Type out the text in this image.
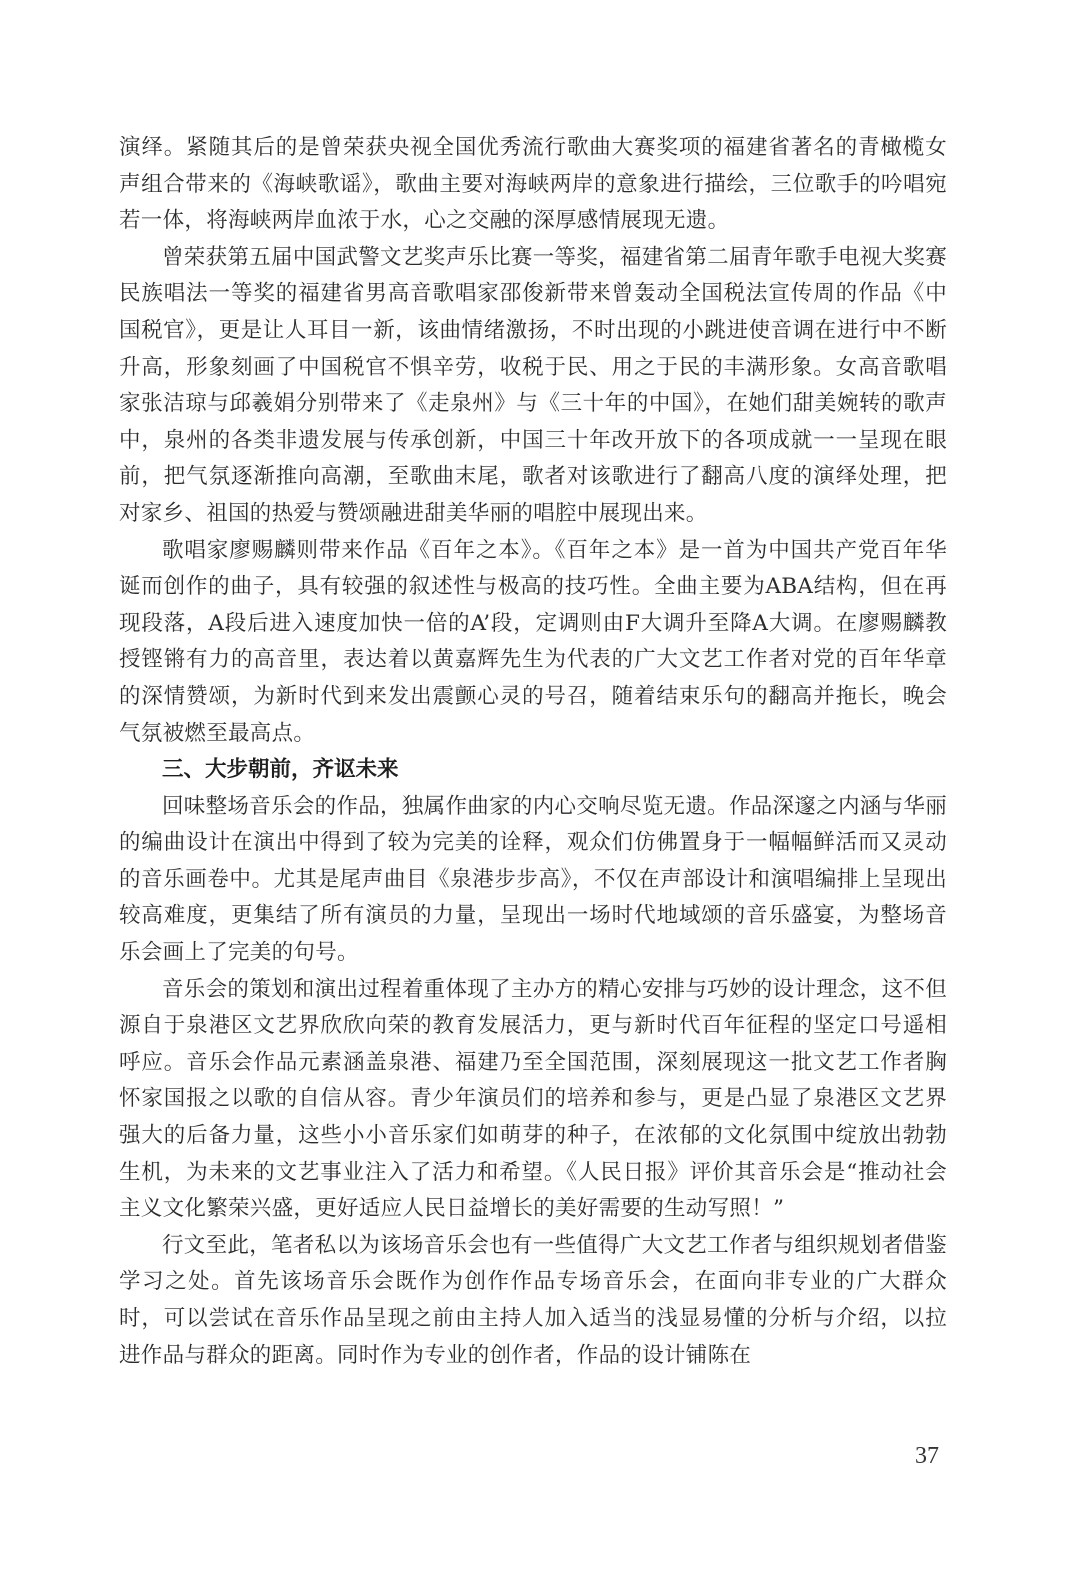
演绎。紧随其后的是曾荣获央视全国优秀流行歌曲大赛奖项的福建省著名的青橄榄女声组合带来的《海峡歌谣》，歌曲主要对海峡两岸的意象进行描绘，三位歌手的吟唱宛若一体，将海峡两岸血浓于水，心之交融的深厚感情展现无遗。

曾荣获第五届中国武警文艺奖声乐比赛一等奖，福建省第二届青年歌手电视大奖赛民族唱法一等奖的福建省男高音歌唱家邵俊新带来曾轰动全国税法宣传周的作品《中国税官》，更是让人耳目一新，该曲情绪激扬，不时出现的小跳进使音调在进行中不断升高，形象刻画了中国税官不惧辛劳，收税于民、用之于民的丰满形象。女高音歌唱家张洁琼与邱羲娟分别带来了《走泉州》与《三十年的中国》，在她们甜美婉转的歌声中，泉州的各类非遗发展与传承创新，中国三十年改开放下的各项成就一一呈现在眼前，把气氛逐渐推向高潮，至歌曲末尾，歌者对该歌进行了翻高八度的演绎处理，把对家乡、祖国的热爱与赞颂融进甜美华丽的唱腔中展现出来。

歌唱家廖赐麟则带来作品《百年之本》。《百年之本》是一首为中国共产党百年华诞而创作的曲子，具有较强的叙述性与极高的技巧性。全曲主要为ABA结构，但在再现段落，A段后进入速度加快一倍的A’段，定调则由F大调升至降A大调。在廖赐麟教授铿锵有力的高音里，表达着以黄嘉辉先生为代表的广大文艺工作者对党的百年华章的深情赞颂，为新时代到来发出震颤心灵的号召，随着结束乐句的翻高并拖长，晚会气氛被燃至最高点。

三、大步朝前，齐讴未来

回味整场音乐会的作品，独属作曲家的内心交响尽览无遗。作品深邃之内涵与华丽的编曲设计在演出中得到了较为完美的诠释，观众们仿佛置身于一幅幅鲜活而又灵动的音乐画卷中。尤其是尾声曲目《泉港步步高》，不仅在声部设计和演唱编排上呈现出较高难度，更集结了所有演员的力量，呈现出一场时代地域颂的音乐盛宴，为整场音乐会画上了完美的句号。

音乐会的策划和演出过程着重体现了主办方的精心安排与巧妙的设计理念，这不但源自于泉港区文艺界欣欣向荣的教育发展活力，更与新时代百年征程的坚定口号遥相呼应。音乐会作品元素涵盖泉港、福建乃至全国范围，深刻展现这一批文艺工作者胸怀家国报之以歌的自信从容。青少年演员们的培养和参与，更是凸显了泉港区文艺界强大的后备力量，这些小小音乐家们如萌芽的种子，在浓郁的文化氛围中绽放出勃勃生机，为未来的文艺事业注入了活力和希望。《人民日报》评价其音乐会是“推动社会主义文化繁荣兴盛，更好适应人民日益增长的美好需要的生动写照！”

行文至此，笔者私以为该场音乐会也有一些值得广大文艺工作者与组织规划者借鉴学习之处。首先该场音乐会既作为创作作品专场音乐会，在面向非专业的广大群众时，可以尝试在音乐作品呈现之前由主持人加入适当的浅显易懂的分析与介绍，以拉进作品与群众的距离。同时作为专业的创作者，作品的设计铺陈在

37
